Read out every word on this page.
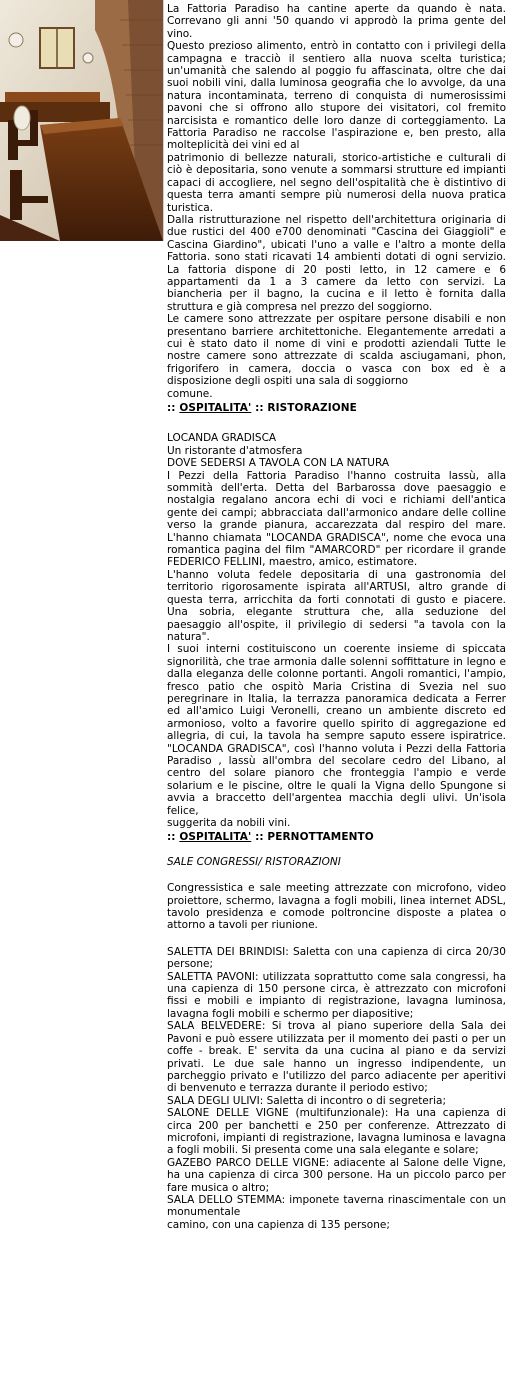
La Fattoria Paradiso ha cantine aperte da quando è nata. Correvano gli anni '50 quando vi approdò la prima gente del vino.

Questo prezioso alimento, entrò in contatto con i privilegi della campagna e tracciò il sentiero alla nuova scelta turistica; un'umanità che salendo al poggio fu affascinata, oltre che dai suoi nobili vini, dalla luminosa geografia che lo avvolge, da una natura incontaminata, terreno di conquista di numerosissimi pavoni che si offrono allo stupore dei visitatori, col fremito narcisista e romantico delle loro danze di corteggiamento. La Fattoria Paradiso ne raccolse l'aspirazione e, ben presto, alla molteplicità dei vini ed al

patrimonio di bellezze naturali, storico-artistiche e culturali di ciò è depositaria, sono venute a sommarsi strutture ed impianti capaci di accogliere, nel segno dell'ospitalità che è distintivo di questa terra amanti sempre più numerosi della nuova pratica turistica.

Dalla ristrutturazione nel rispetto dell'architettura originaria di due rustici del 400 e700 denominati "Cascina dei Giaggioli" e Cascina Giardino", ubicati l'uno a valle e l'altro a monte della Fattoria. sono stati ricavati 14 ambienti dotati di ogni servizio. La fattoria dispone di 20 posti letto, in 12 camere e 6 appartamenti da 1 a 3 camere da letto con servizi. La biancheria per il bagno, la cucina e il letto è fornita dalla struttura e già compresa nel prezzo del soggiorno.

Le camere sono attrezzate per ospitare persone disabili e non presentano barriere architettoniche. Elegantemente arredati a cui è stato dato il nome di vini e prodotti aziendali Tutte le nostre camere sono attrezzate di scalda asciugamani, phon, frigorifero in camera, doccia o vasca con box ed è a disposizione degli ospiti una sala di soggiorno

comune.

:: OSPITALITA' :: RISTORAZIONE

LOCANDA GRADISCA

Un ristorante d'atmosfera

DOVE SEDERSI A TAVOLA CON LA NATURA

I Pezzi della Fattoria Paradiso l'hanno costruita lassù, alla sommità dell'erta. Detta del Barbarossa dove paesaggio e nostalgia regalano ancora echi di voci e richiami dell'antica gente dei campi; abbracciata dall'armonico andare delle colline verso la grande pianura, accarezzata dal respiro del mare. L'hanno chiamata "LOCANDA GRADISCA", nome che evoca una romantica pagina del film "AMARCORD" per ricordare il grande FEDERICO FELLINI, maestro, amico, estimatore.

L'hanno voluta fedele depositaria di una gastronomia del territorio rigorosamente ispirata all'ARTUSI, altro grande di questa terra, arricchita da forti connotati di gusto e piacere. Una sobria, elegante struttura che, alla seduzione del paesaggio all'ospite, il privilegio di sedersi "a tavola con la natura".

I suoi interni costituiscono un coerente insieme di spiccata signorilità, che trae armonia dalle solenni soffittature in legno e dalla eleganza delle colonne portanti. Angoli romantici, l'ampio, fresco patio che ospitò Maria Cristina di Svezia nel suo peregrinare in Italia, la terrazza panoramica dedicata a Ferrer ed all'amico Luigi Veronelli, creano un ambiente discreto ed armonioso, volto a favorire quello spirito di aggregazione ed allegria, di cui, la tavola ha sempre saputo essere ispiratrice. "LOCANDA GRADISCA", così l'hanno voluta i Pezzi della Fattoria Paradiso , lassù all'ombra del secolare cedro del Libano, al centro del solare pianoro che fronteggia l'ampio e verde solarium e le piscine, oltre le quali la Vigna dello Spungone si avvia a braccetto dell'argentea macchia degli ulivi. Un'isola felice,

suggerita da nobili vini.

:: OSPITALITA' :: PERNOTTAMENTO

SALE CONGRESSI/ RISTORAZIONI

Congressistica e sale meeting attrezzate con microfono, video proiettore, schermo, lavagna a fogli mobili, linea internet ADSL, tavolo presidenza e comode poltroncine disposte a platea o attorno a tavoli per riunione.

SALETTA DEI BRINDISI: Saletta con una capienza di circa 20/30 persone;

SALETTA PAVONI: utilizzata soprattutto come sala congressi, ha una capienza di 150 persone circa, è attrezzato con microfoni fissi e mobili e impianto di registrazione, lavagna luminosa, lavagna fogli mobili e schermo per diapositive;

SALA BELVEDERE: Si trova al piano superiore della Sala dei Pavoni e può essere utilizzata per il momento dei pasti o per un coffe - break. E' servita da una cucina al piano e da servizi privati. Le due sale hanno un ingresso indipendente, un parcheggio privato e l'utilizzo del parco adiacente per aperitivi di benvenuto e terrazza durante il periodo estivo;

SALA DEGLI ULIVI: Saletta di incontro o di segreteria;

SALONE DELLE VIGNE (multifunzionale): Ha una capienza di circa 200 per banchetti e 250 per conferenze. Attrezzato di microfoni, impianti di registrazione, lavagna luminosa e lavagna a fogli mobili. Si presenta come una sala elegante e solare;

GAZEBO PARCO DELLE VIGNE: adiacente al Salone delle Vigne, ha una capienza di circa 300 persone. Ha un piccolo parco per fare musica o altro;

SALA DELLO STEMMA: imponete taverna rinascimentale con un monumentale

camino, con una capienza di 135 persone;
